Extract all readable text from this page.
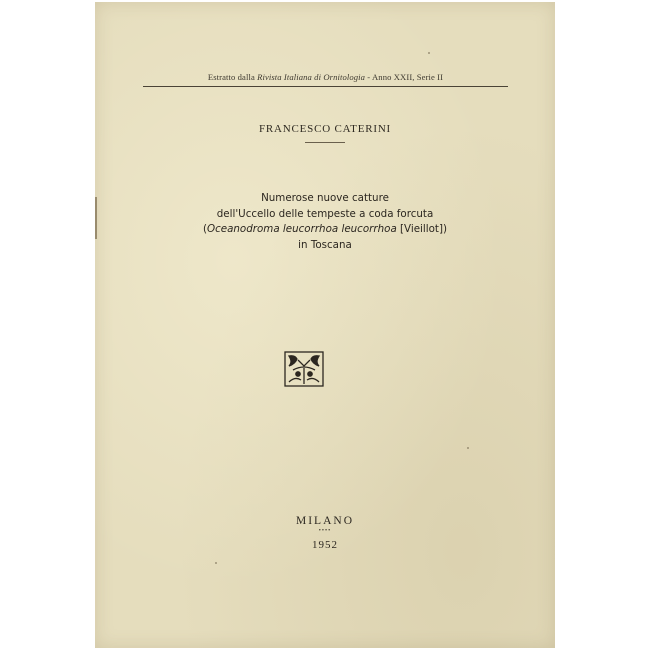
Estratto dalla Rivista Italiana di Ornitologia - Anno XXII, Serie II
FRANCESCO CATERINI
Numerose nuove catture
dell'Uccello delle tempeste a coda forcuta
(Oceanodroma leucorrhoa leucorrhoa [Vieillot])
in Toscana
MILANO
••••
1952
